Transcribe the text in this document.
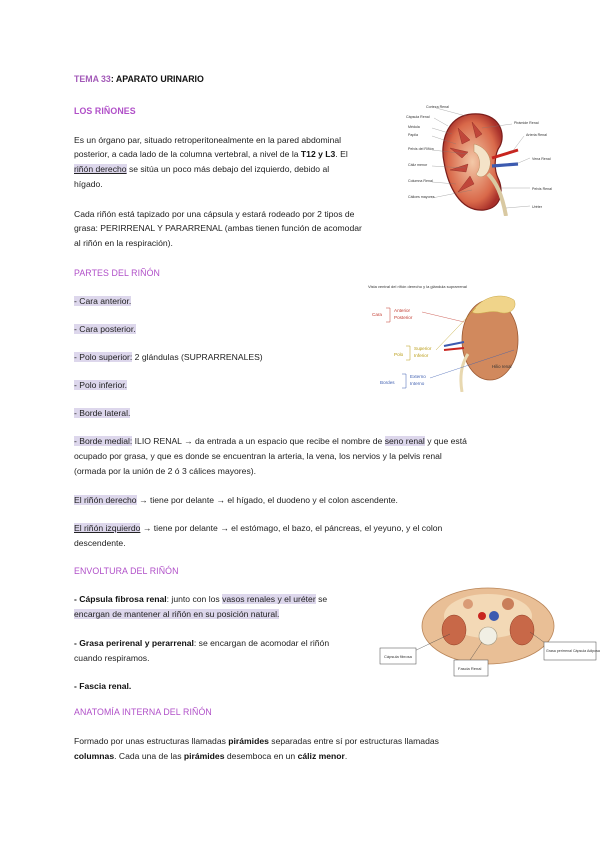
TEMA 33: APARATO URINARIO
LOS RIÑONES
Es un órgano par, situado retroperitonealmente en la pared abdominal
posterior, a cada lado de la columna vertebral, a nivel de la T12 y L3. El
riñón derecho se sitúa un poco más debajo del izquierdo, debido al
hígado.
Cada riñón está tapizado por una cápsula y estará rodeado por 2 tipos de
grasa: PERIRRENAL Y PARARRENAL (ambas tienen función de acomodar
al riñón en la respiración).
PARTES DEL RIÑÓN
- Cara anterior.
- Cara posterior.
- Polo superior: 2 glándulas (SUPRARRENALES)
- Polo inferior.
- Borde lateral.
- Borde medial: ILIO RENAL → da entrada a un espacio que recibe el nombre de seno renal y que está
ocupado por grasa, y que es donde se encuentran la arteria, la vena, los nervios y la pelvis renal
(ormada por la unión de 2 ó 3 cálices mayores).
El riñón derecho → tiene por delante → el hígado, el duodeno y el colon ascendente.
El riñón izquierdo → tiene por delante → el estómago, el bazo, el páncreas, el yeyuno, y el colon
descendente.
ENVOLTURA DEL RIÑÓN
- Cápsula fibrosa renal: junto con los vasos renales y el uréter se
encargan de mantener al riñón en su posición natural.
- Grasa perirenal y perarrenal: se encargan de acomodar el riñón
cuando respiramos.
- Fascia renal.
ANATOMÍA INTERNA DEL RIÑÓN
Formado por unas estructuras llamadas pirámides separadas entre sí por estructuras llamadas
columnas. Cada una de las pirámides desemboca en un cáliz menor.
Corteza Renal
Cápsula Renal
Médula
Papila
Pelvis del Riñón
Cáliz menor
Columna Renal
Cálices mayores
Pirámide Renal
Arteria Renal
Vena Renal
Pelvis Renal
Uréter
Vista ventral del riñón derecho y la glándula suprarrenal
Cara
Anterior
Posterior
Polo
Superior
Inferior
Bordes
Externo
Interno
Hilio renal
Cápsula fibrosa
Fascia Renal
Grasa perirrenal Cápsula Adiposa
